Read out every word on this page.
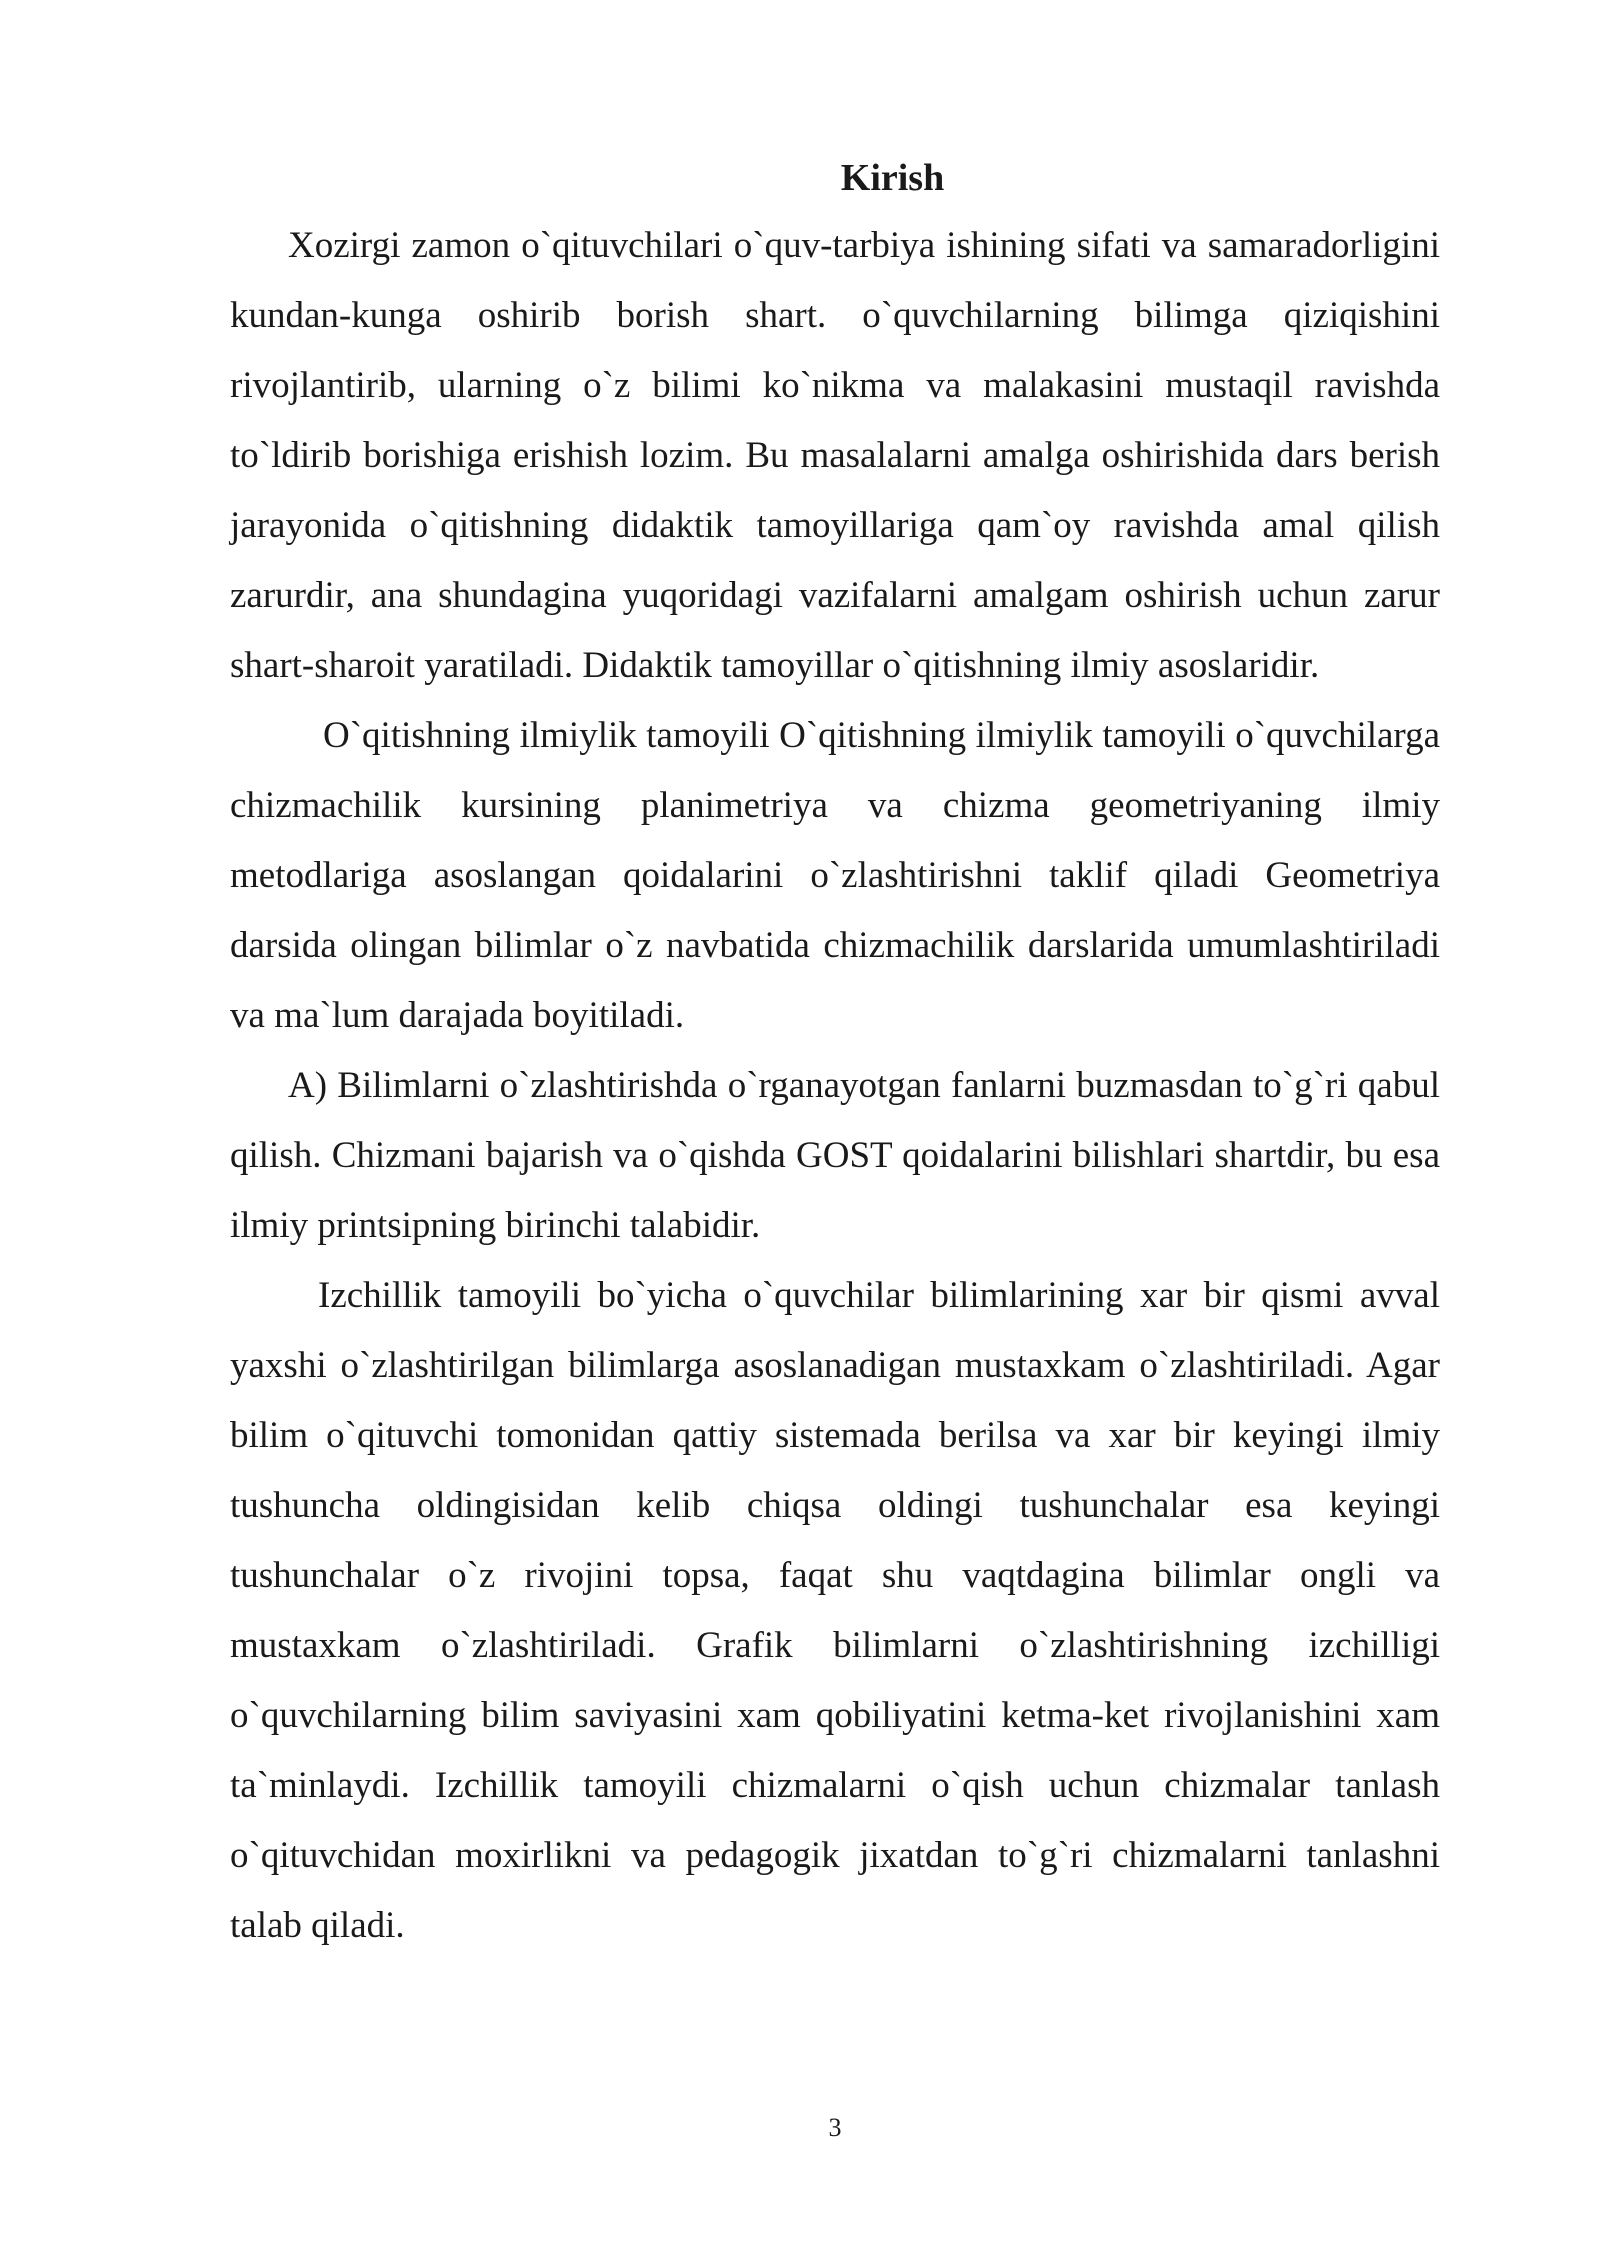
Kirish

Xozirgi zamon o`qituvchilari o`quv-tarbiya ishining sifati va samaradorligini kundan-kunga oshirib borish shart. o`quvchilarning bilimga qiziqishini rivojlantirib, ularning o`z bilimi ko`nikma va malakasini mustaqil ravishda to`ldirib borishiga erishish lozim. Bu masalalarni amalga oshirishida dars berish jarayonida o`qitishning didaktik tamoyillariga qam`oy ravishda amal qilish zarurdir, ana shundagina yuqoridagi vazifalarni amalgam oshirish uchun zarur shart-sharoit yaratiladi. Didaktik tamoyillar o`qitishning ilmiy asoslaridir.

O`qitishning ilmiylik tamoyili O`qitishning ilmiylik tamoyili o`quvchilarga chizmachilik kursining planimetriya va chizma geometriyaning ilmiy metodlariga asoslangan qoidalarini o`zlashtirishni taklif qiladi Geometriya darsida olingan bilimlar o`z navbatida chizmachilik darslarida umumlashtiriladi va ma`lum darajada boyitiladi.

A) Bilimlarni o`zlashtirishda o`rganayotgan fanlarni buzmasdan to`g`ri qabul qilish. Chizmani bajarish va o`qishda GOST qoidalarini bilishlari shartdir, bu esa ilmiy printsipning birinchi talabidir.

Izchillik tamoyili bo`yicha o`quvchilar bilimlarining xar bir qismi avval yaxshi o`zlashtirilgan bilimlarga asoslanadigan mustaxkam o`zlashtiriladi. Agar bilim o`qituvchi tomonidan qattiy sistemada berilsa va xar bir keyingi ilmiy tushuncha oldingisidan kelib chiqsa oldingi tushunchalar esa keyingi tushunchalar o`z rivojini topsa, faqat shu vaqtdagina bilimlar ongli va mustaxkam o`zlashtiriladi. Grafik bilimlarni o`zlashtirishning izchilligi o`quvchilarning bilim saviyasini xam qobiliyatini ketma-ket rivojlanishini xam ta`minlaydi. Izchillik tamoyili chizmalarni o`qish uchun chizmalar tanlash o`qituvchidan moxirlikni va pedagogik jixatdan to`g`ri chizmalarni tanlashni talab qiladi.

3
